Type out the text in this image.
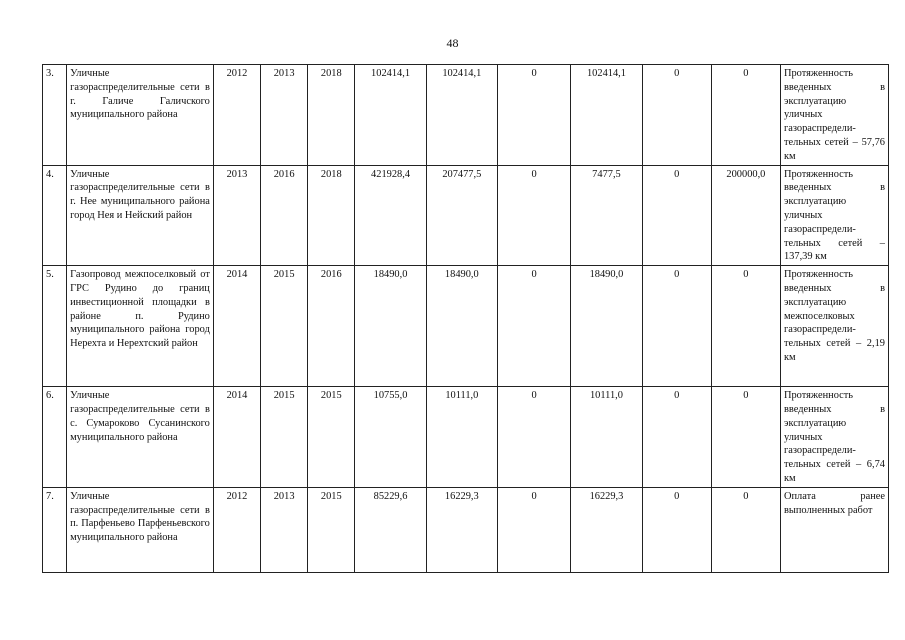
48
3.	Уличные газораспределительные сети в г. Галиче Галичского муниципального района	2012	2013	2018	102414,1	102414,1	0	102414,1	0	0	Протяженность введенных в эксплуатацию уличных газораспредели-тельных сетей – 57,76 км
4.	Уличные газораспределительные сети в г. Нее муниципального района город Нея и Нейский район	2013	2016	2018	421928,4	207477,5	0	7477,5	0	200000,0	Протяженность введенных в эксплуатацию уличных газораспредели-тельных сетей – 137,39 км
5.	Газопровод межпоселковый от ГРС Рудино до границ инвестиционной площадки в районе п. Рудино муниципального района город Нерехта и Нерехтский район	2014	2015	2016	18490,0	18490,0	0	18490,0	0	0	Протяженность введенных в эксплуатацию межпоселковых газораспредели-тельных сетей – 2,19 км
6.	Уличные газораспределительные сети в с. Сумароково Сусанинского муниципального района	2014	2015	2015	10755,0	10111,0	0	10111,0	0	0	Протяженность введенных в эксплуатацию уличных газораспредели-тельных сетей – 6,74 км
7.	Уличные газораспределительные сети в п. Парфеньево Парфеньевского муниципального района	2012	2013	2015	85229,6	16229,3	0	16229,3	0	0	Оплата ранее выполненных работ
